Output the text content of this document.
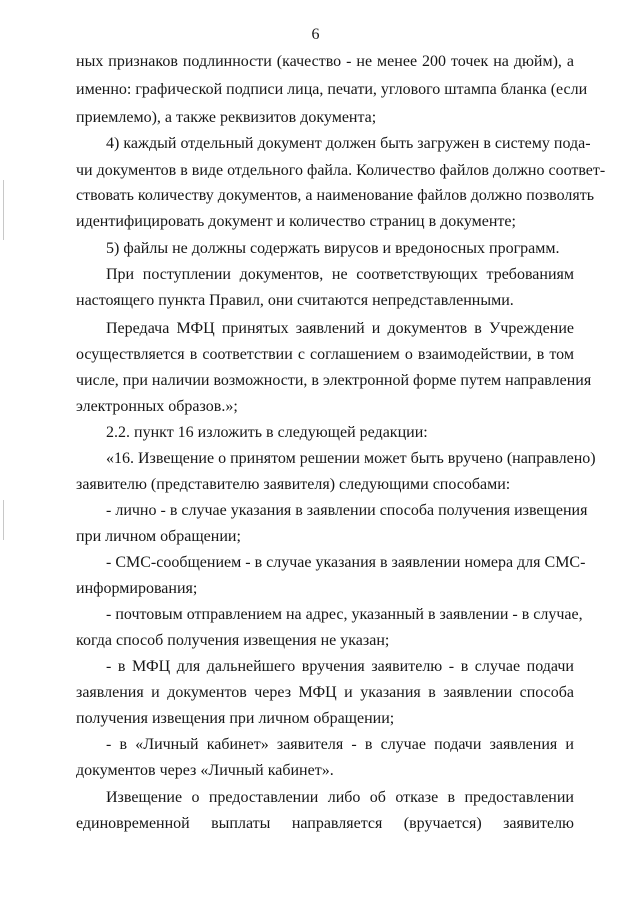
6
ных признаков подлинности (качество - не менее 200 точек на дюйм), а
именно: графической подписи лица, печати, углового штампа бланка (если
приемлемо), а также реквизитов документа;
4) каждый отдельный документ должен быть загружен в систему пода-
чи документов в виде отдельного файла. Количество файлов должно соответ-
ствовать количеству документов, а наименование файлов должно позволять
идентифицировать документ и количество страниц в документе;
5) файлы не должны содержать вирусов и вредоносных программ.
При поступлении документов, не соответствующих требованиям
настоящего пункта Правил, они считаются непредставленными.
Передача МФЦ принятых заявлений и документов в Учреждение
осуществляется в соответствии с соглашением о взаимодействии, в том
числе, при наличии возможности, в электронной форме путем направления
электронных образов.»;
2.2. пункт 16 изложить в следующей редакции:
«16. Извещение о принятом решении может быть вручено (направлено)
заявителю (представителю заявителя) следующими способами:
- лично - в случае указания в заявлении способа получения извещения
при личном обращении;
- СМС-сообщением - в случае указания в заявлении номера для СМС-
информирования;
- почтовым отправлением на адрес, указанный в заявлении - в случае,
когда способ получения извещения не указан;
- в МФЦ для дальнейшего вручения заявителю - в случае подачи
заявления и документов через МФЦ и указания в заявлении способа
получения извещения при личном обращении;
- в «Личный кабинет» заявителя - в случае подачи заявления и
документов через «Личный кабинет».
Извещение о предоставлении либо об отказе в предоставлении
единовременной выплаты направляется (вручается) заявителю
